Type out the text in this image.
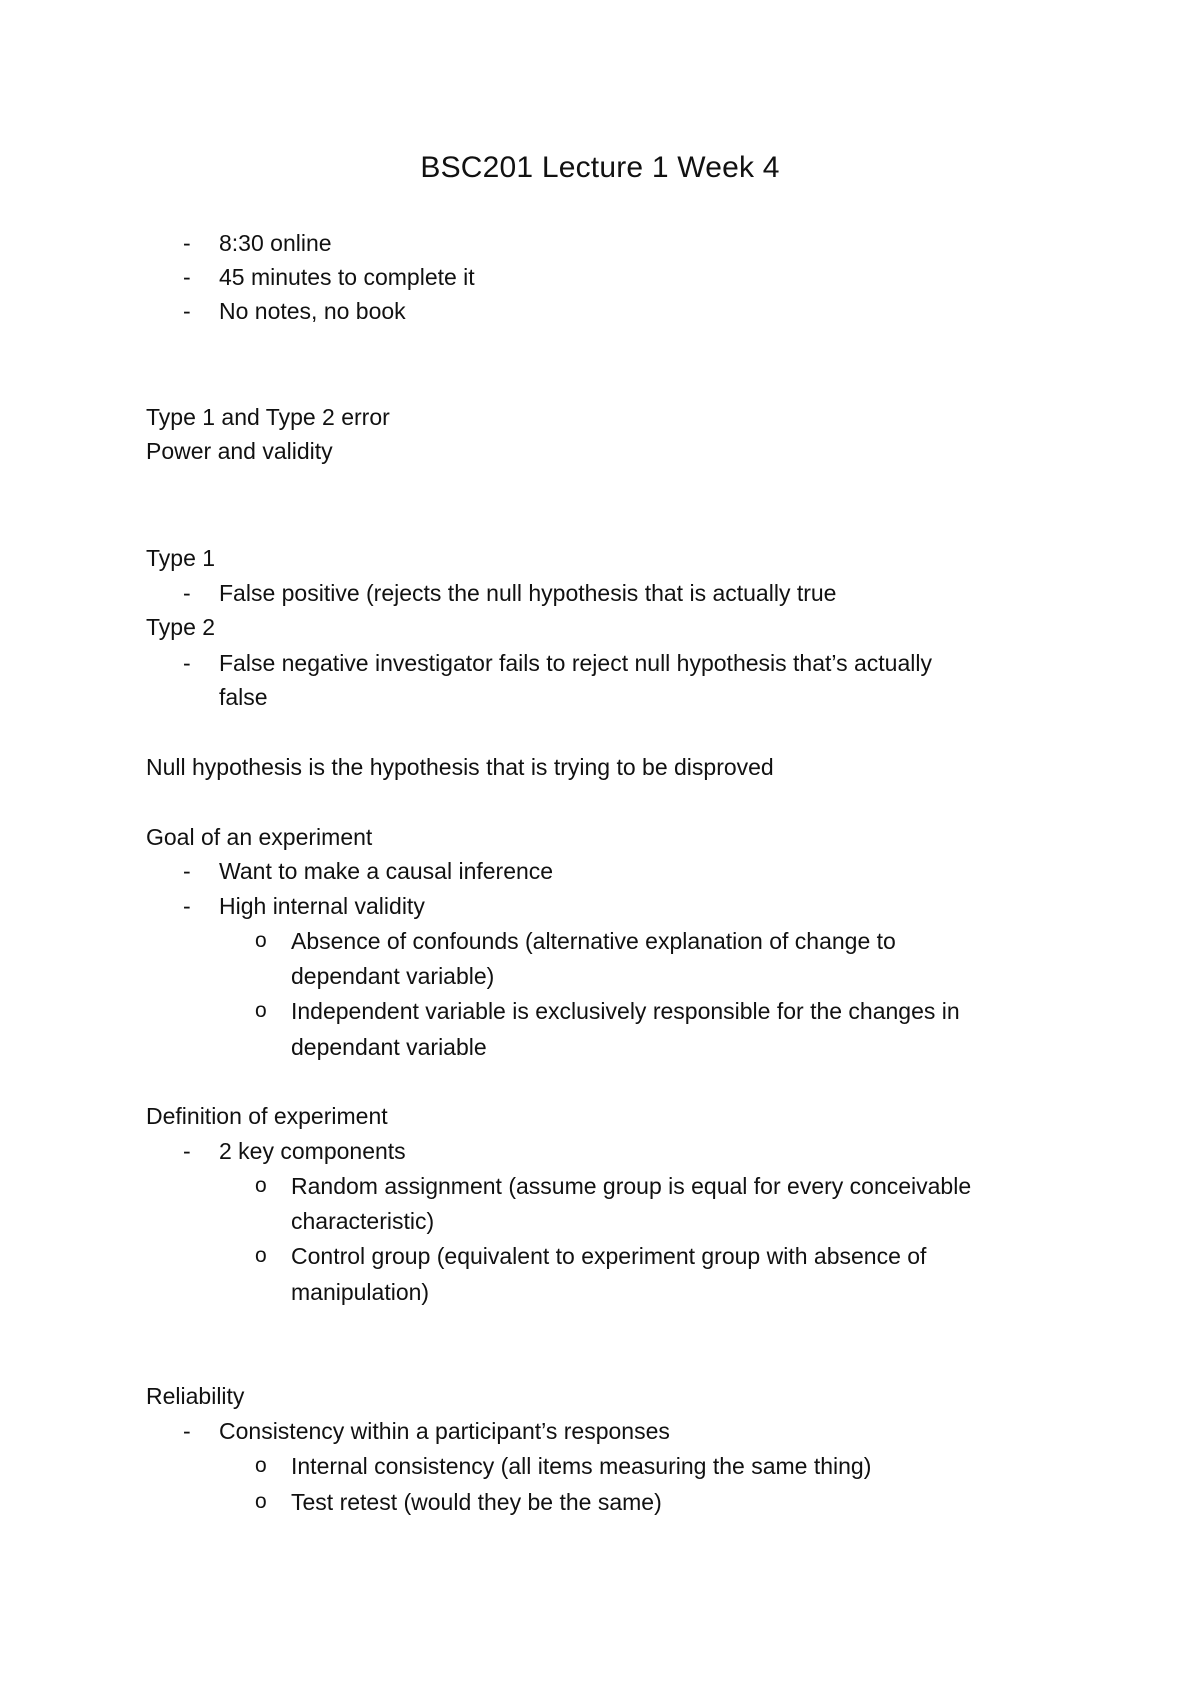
BSC201 Lecture 1 Week 4
- 8:30 online
- 45 minutes to complete it
- No notes, no book
Type 1 and Type 2 error
Power and validity
Type 1
- False positive (rejects the null hypothesis that is actually true
Type 2
- False negative investigator fails to reject null hypothesis that’s actually
false
Null hypothesis is the hypothesis that is trying to be disproved
Goal of an experiment
- Want to make a causal inference
- High internal validity
o Absence of confounds (alternative explanation of change to
dependant variable)
o Independent variable is exclusively responsible for the changes in
dependant variable
Definition of experiment
- 2 key components
o Random assignment (assume group is equal for every conceivable
characteristic)
o Control group (equivalent to experiment group with absence of
manipulation)
Reliability
- Consistency within a participant’s responses
o Internal consistency (all items measuring the same thing)
o Test retest (would they be the same)
